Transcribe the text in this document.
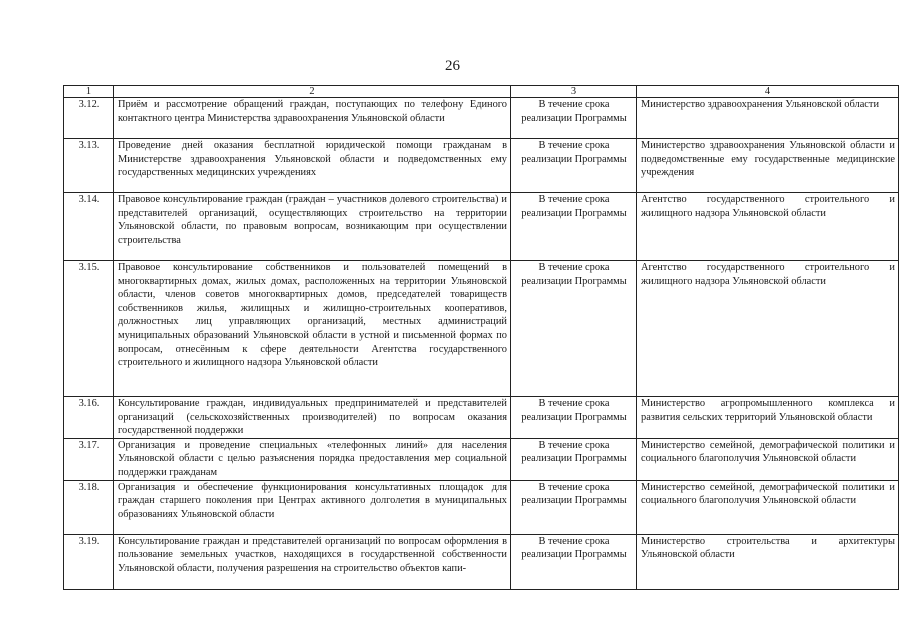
26
1	2	3	4
3.12.	Приём и рассмотрение обращений граждан, поступающих по телефону Единого контактного центра Министерства здравоохранения Ульяновской области	В течение срока реализации Программы	Министерство здравоохранения Ульяновской области
3.13.	Проведение дней оказания бесплатной юридической помощи гражданам в Министерстве здравоохранения Ульяновской области и подведомственных ему государственных медицинских учреждениях	В течение срока реализации Программы	Министерство здравоохранения Ульяновской области и подведомственные ему государственные медицинские учреждения
3.14.	Правовое консультирование граждан (граждан – участников долевого строительства) и представителей организаций, осуществляющих строительство на территории Ульяновской области, по правовым вопросам, возникающим при осуществлении строительства	В течение срока реализации Программы	Агентство государственного строительного и жилищного надзора Ульяновской области
3.15.	Правовое консультирование собственников и пользователей помещений в многоквартирных домах, жилых домах, расположенных на территории Ульяновской области, членов советов многоквартирных домов, председателей товариществ собственников жилья, жилищных и жилищно-строительных кооперативов, должностных лиц управляющих организаций, местных администраций муниципальных образований Ульяновской области в устной и письменной формах по вопросам, отнесённым к сфере деятельности Агентства государственного строительного и жилищного надзора Ульяновской области	В течение срока реализации Программы	Агентство государственного строительного и жилищного надзора Ульяновской области
3.16.	Консультирование граждан, индивидуальных предпринимателей и представителей организаций (сельскохозяйственных производителей) по вопросам оказания государственной поддержки	В течение срока реализации Программы	Министерство агропромышленного комплекса и развития сельских территорий Ульяновской области
3.17.	Организация и проведение специальных «телефонных линий» для населения Ульяновской области с целью разъяснения порядка предоставления мер социальной поддержки гражданам	В течение срока реализации Программы	Министерство семейной, демографической политики и социального благополучия Ульяновской области
3.18.	Организация и обеспечение функционирования консультативных площадок для граждан старшего поколения при Центрах активного долголетия в муниципальных образованиях Ульяновской области	В течение срока реализации Программы	Министерство семейной, демографической политики и социального благополучия Ульяновской области
3.19.	Консультирование граждан и представителей организаций по вопросам оформления в пользование земельных участков, находящихся в государственной собственности Ульяновской области, получения разрешения на строительство объектов капи-	В течение срока реализации Программы	Министерство строительства и архитектуры Ульяновской области
